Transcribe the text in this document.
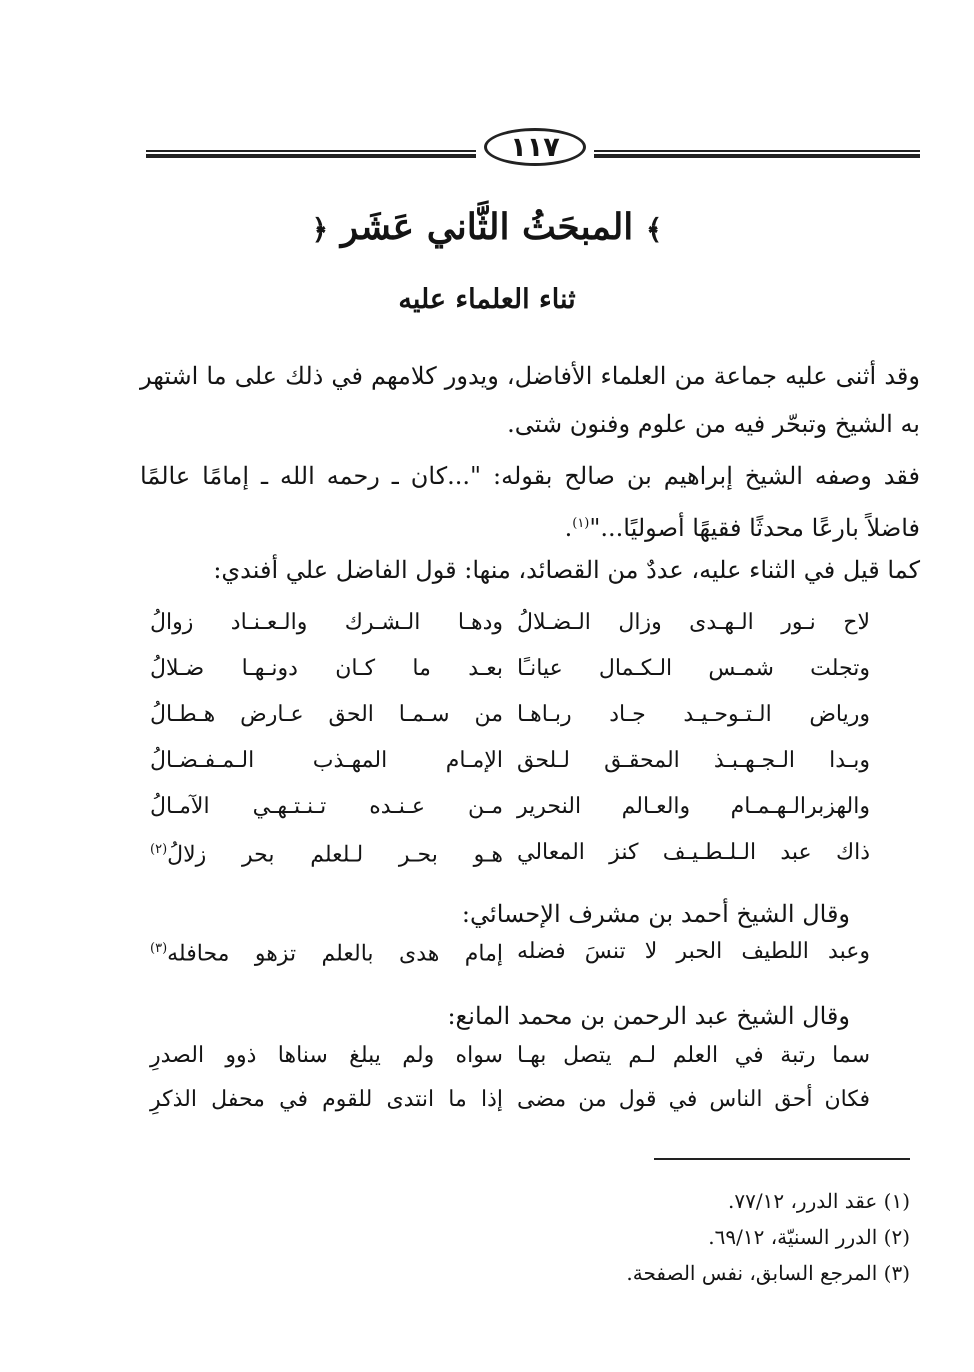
١١٧
﴾ المبحَثُ الثَّاني عَشَر ﴿
ثناء العلماء عليه
وقد أثنى عليه جماعة من العلماء الأفاضل، ويدور كلامهم في ذلك على ما اشتهر به الشيخ وتبحّر فيه من علوم وفنون شتى.
فقد وصفه الشيخ إبراهيم بن صالح بقوله: "...كان ـ رحمه الله ـ إمامًا عالمًا فاضلاً بارعًا محدثًا فقيهًا أصوليًا..."$^{(١)}$.
كما قيل في الثناء عليه، عددٌ من القصائد، منها: قول الفاضل علي أفندي:
لاح نـور الـهـدى وزال الـضـلالُ
ودهـا الـشـرك والـعـنـاد زوالُ
وتجلت شمـس الـكـمال عيانـًا
بعـد ما كـان دونـهـا ضـلالُ
ورياض الـتـوحـيـد جـاد ربـاهـا
من سـمـا الحق عـارض هـطـالُ
وبـدا الـجـهـبـذ المحقـق لـلحق
الإمـام المهـذب الـمـفـضـالُ
والهزبرالـهـمـام والعـالم النحرير
مـن عـنـده تـنـتـهـي الآمـالُ
ذاك عبد الـلـطـيـف كنز المعالي
هـو بحـر لـلعلم بحر زلالُ$^{(٢)}$
وقال الشيخ أحمد بن مشرف الإحسائي:
وعبد اللطيف الحبر لا تنسَ فضله
إمام هدى بالعلم تزهو محافله$^{(٣)}$
وقال الشيخ عبد الرحمن بن محمد المانع:
سما رتبة في العلم لـم يتصل بهـا
سواه ولم يبلغ سناها ذوو الصدرِ
فكان أحق الناس في قول من مضى
إذا ما انتدى للقوم في محفل الذكرِ
(١) عقد الدرر، ٧٧/١٢.
(٢) الدرر السنيّة، ٦٩/١٢.
(٣) المرجع السابق، نفس الصفحة.
